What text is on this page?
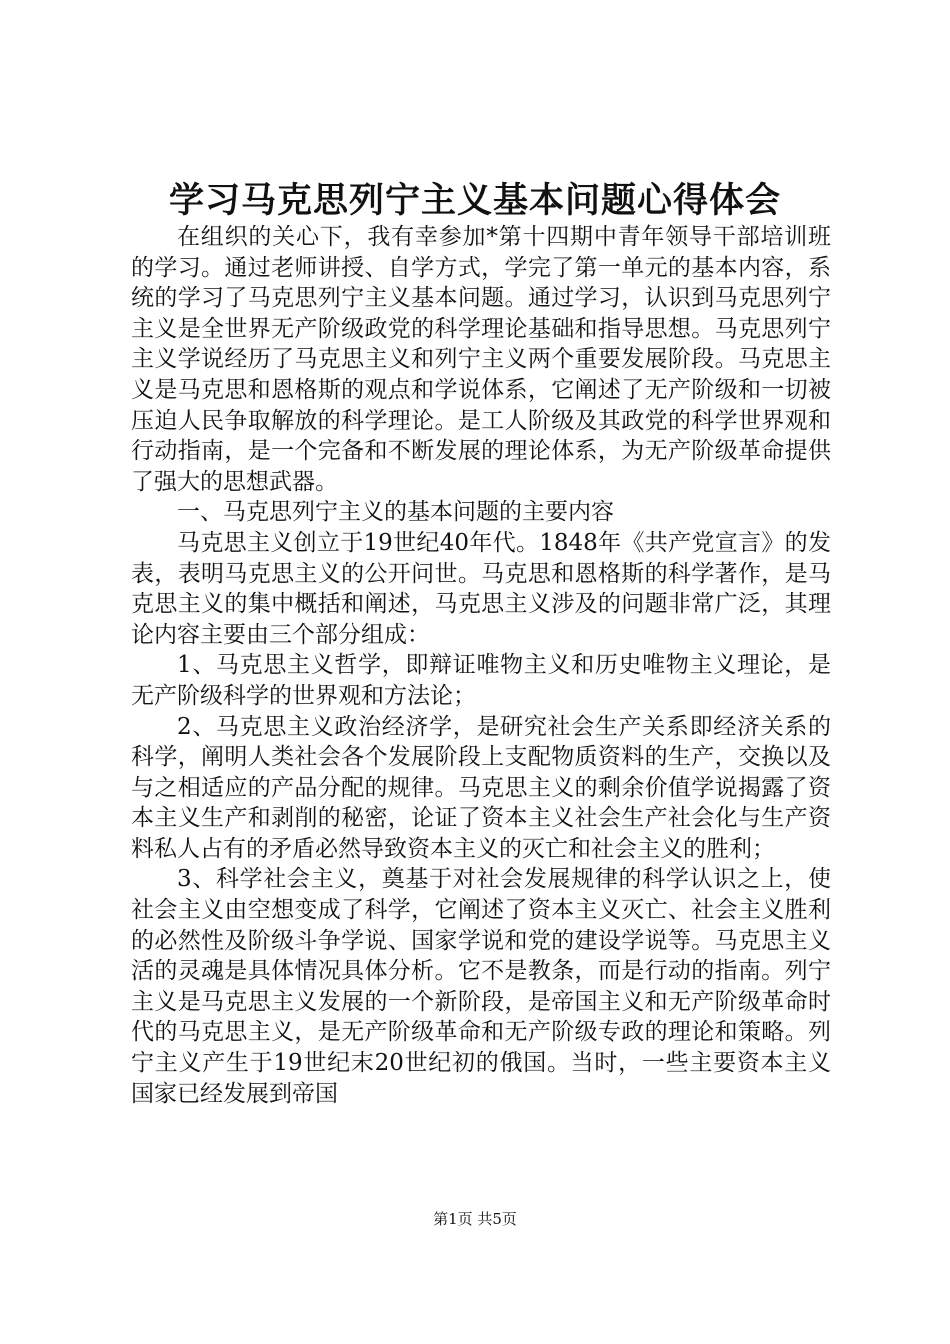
学习马克思列宁主义基本问题心得体会

在组织的关心下，我有幸参加*第十四期中青年领导干部培训班的学习。通过老师讲授、自学方式，学完了第一单元的基本内容，系统的学习了马克思列宁主义基本问题。通过学习，认识到马克思列宁主义是全世界无产阶级政党的科学理论基础和指导思想。马克思列宁主义学说经历了马克思主义和列宁主义两个重要发展阶段。马克思主义是马克思和恩格斯的观点和学说体系，它阐述了无产阶级和一切被压迫人民争取解放的科学理论。是工人阶级及其政党的科学世界观和行动指南，是一个完备和不断发展的理论体系，为无产阶级革命提供了强大的思想武器。

一、马克思列宁主义的基本问题的主要内容

马克思主义创立于19世纪40年代。1848年《共产党宣言》的发表，表明马克思主义的公开问世。马克思和恩格斯的科学著作，是马克思主义的集中概括和阐述，马克思主义涉及的问题非常广泛，其理论内容主要由三个部分组成：

1、马克思主义哲学，即辩证唯物主义和历史唯物主义理论，是无产阶级科学的世界观和方法论；

2、马克思主义政治经济学，是研究社会生产关系即经济关系的科学，阐明人类社会各个发展阶段上支配物质资料的生产，交换以及与之相适应的产品分配的规律。马克思主义的剩余价值学说揭露了资本主义生产和剥削的秘密，论证了资本主义社会生产社会化与生产资料私人占有的矛盾必然导致资本主义的灭亡和社会主义的胜利；

3、科学社会主义，奠基于对社会发展规律的科学认识之上，使社会主义由空想变成了科学，它阐述了资本主义灭亡、社会主义胜利的必然性及阶级斗争学说、国家学说和党的建设学说等。马克思主义活的灵魂是具体情况具体分析。它不是教条，而是行动的指南。列宁主义是马克思主义发展的一个新阶段，是帝国主义和无产阶级革命时代的马克思主义，是无产阶级革命和无产阶级专政的理论和策略。列宁主义产生于19世纪末20世纪初的俄国。当时，一些主要资本主义国家已经发展到帝国

第1页 共5页
